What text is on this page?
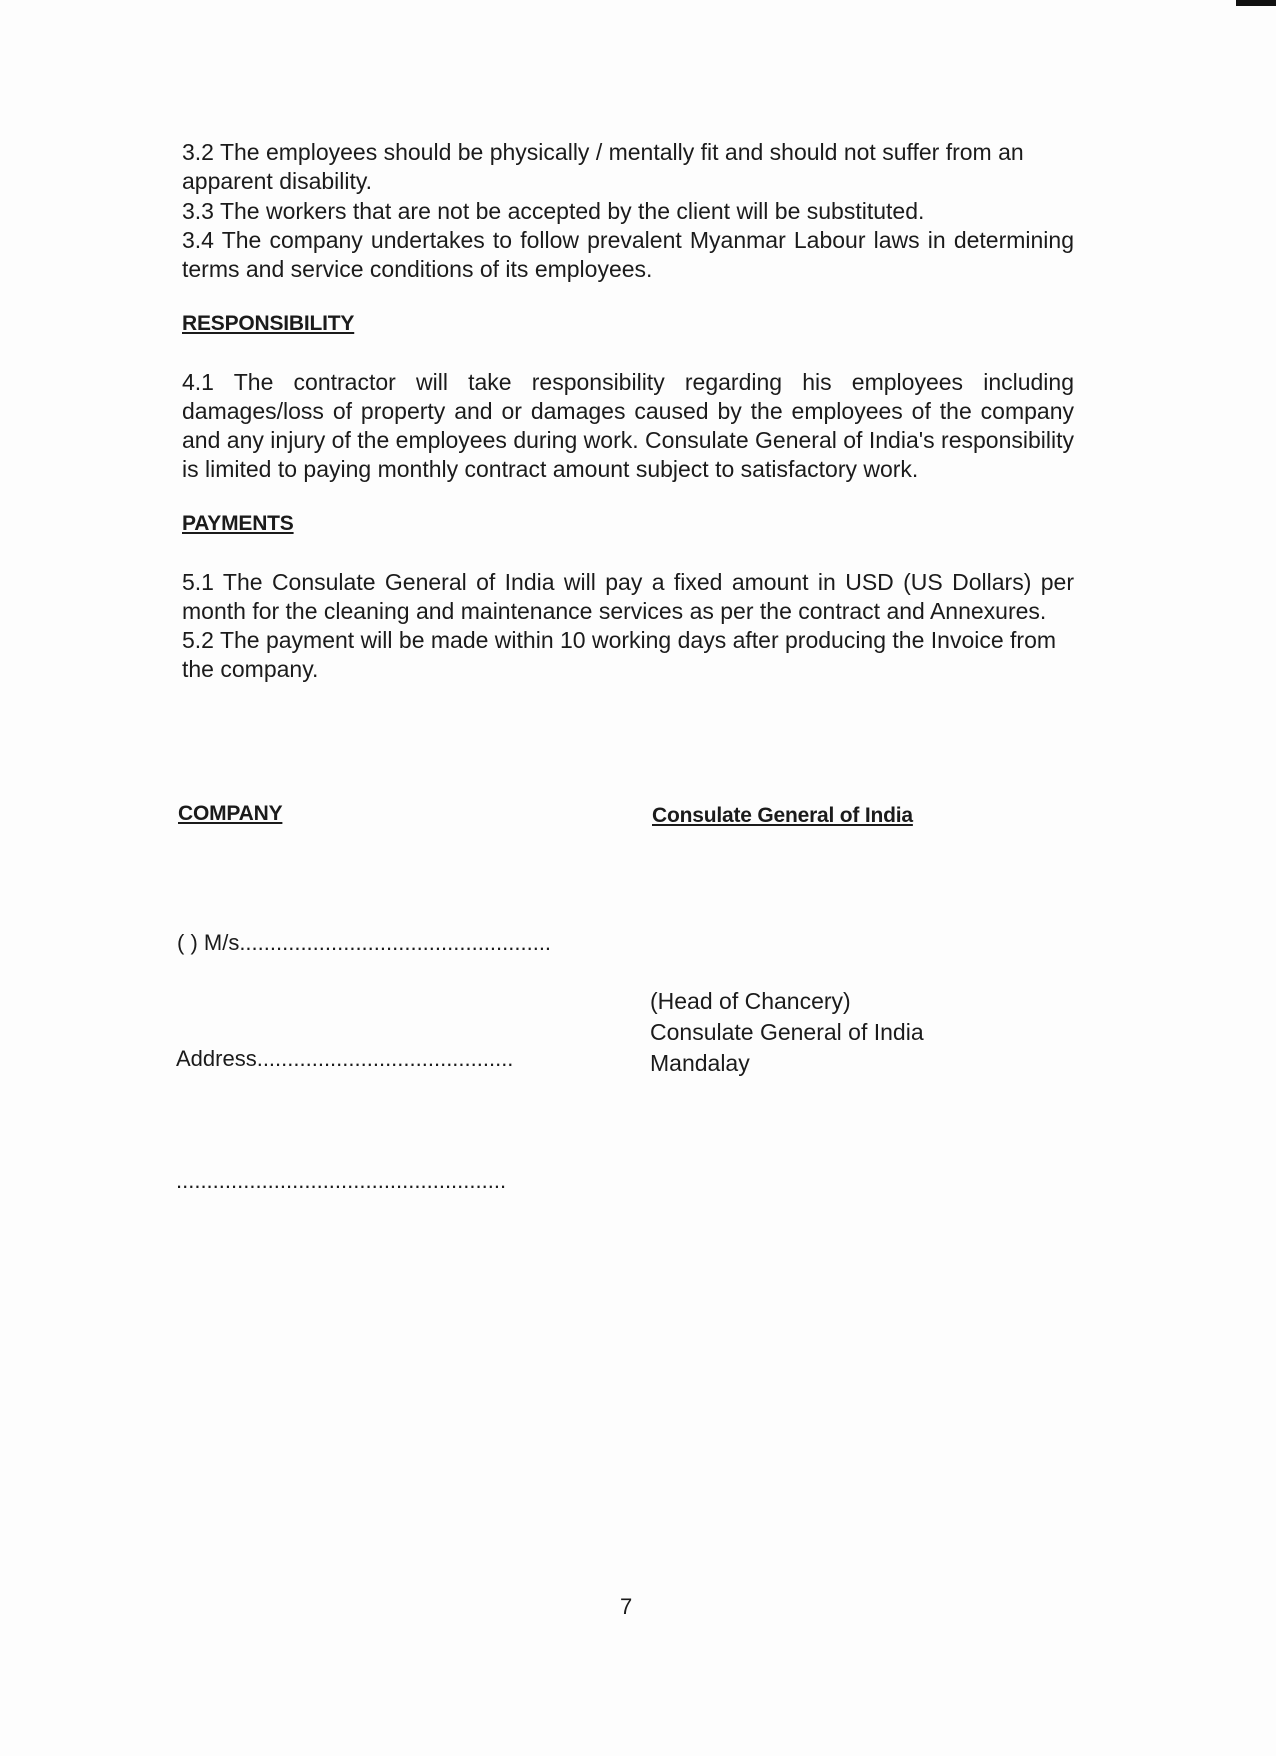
3.2 The employees should be physically / mentally fit and should not suffer from an apparent disability.

3.3 The workers that are not be accepted by the client will be substituted.

3.4 The company undertakes to follow prevalent Myanmar Labour laws in determining terms and service conditions of its employees.

RESPONSIBILITY

4.1 The contractor will take responsibility regarding his employees including damages/loss of property and or damages caused by the employees of the company and any injury of the employees during work. Consulate General of India's responsibility is limited to paying monthly contract amount subject to satisfactory work.

PAYMENTS

5.1 The Consulate General of India will pay a fixed amount in USD (US Dollars) per month for the cleaning and maintenance services as per the contract and Annexures.

5.2 The payment will be made within 10 working days after producing the Invoice from the company.

COMPANY	Consulate General of India

( ) M/s...................................................
Address..........................................
......................................................
(Head of Chancery)
Consulate General of India
Mandalay
7
